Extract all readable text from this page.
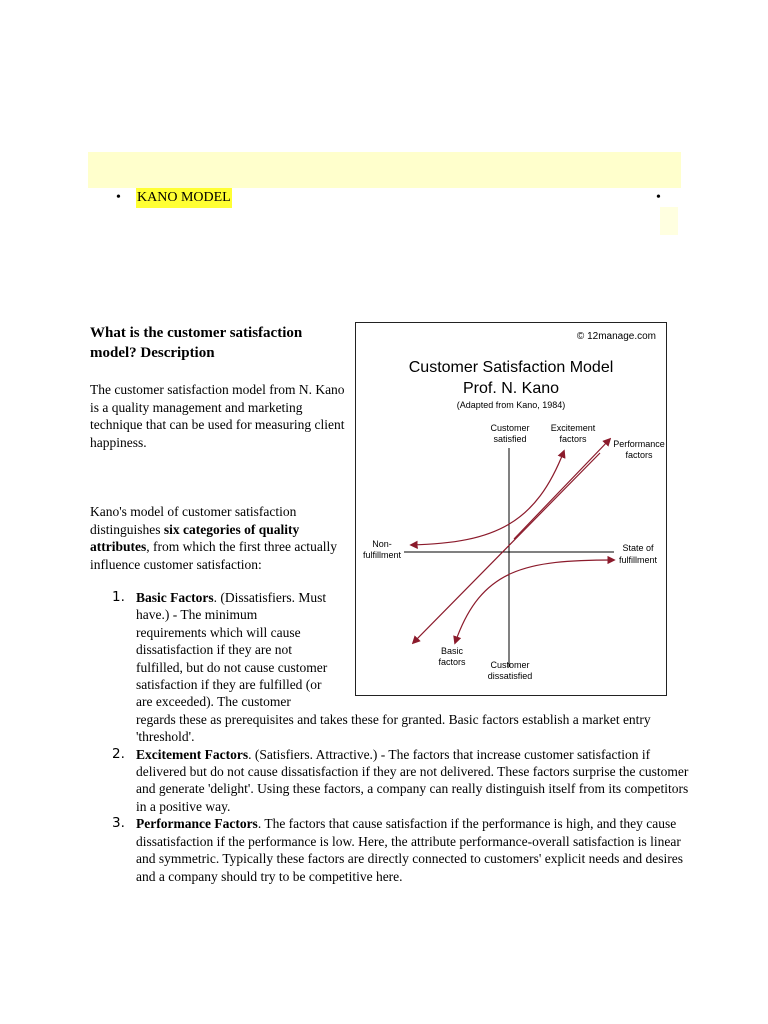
• KANO MODEL	•
What is the customer satisfaction model? Description

The customer satisfaction model from N. Kano is a quality management and marketing technique that can be used for measuring client happiness.

Kano's model of customer satisfaction distinguishes six categories of quality attributes, from which the first three actually influence customer satisfaction:

© 12manage.com
Customer Satisfaction Model
Prof. N. Kano
(Adapted from Kano, 1984)
Customer
satisfied
Excitement
factors	Performance
factors
Non-
fulfillment
State of
fulfillment
Basic
factors	Customer
dissatisfied
1. Basic Factors. (Dissatisfiers. Must have.) - The minimum requirements which will cause dissatisfaction if they are not fulfilled, but do not cause customer satisfaction if they are fulfilled (or are exceeded). The customer regards these as prerequisites and takes these for granted. Basic factors establish a market entry 'threshold'.
2. Excitement Factors. (Satisfiers. Attractive.) - The factors that increase customer satisfaction if delivered but do not cause dissatisfaction if they are not delivered. These factors surprise the customer and generate 'delight'. Using these factors, a company can really distinguish itself from its competitors in a positive way.
3. Performance Factors. The factors that cause satisfaction if the performance is high, and they cause dissatisfaction if the performance is low. Here, the attribute performance-overall satisfaction is linear and symmetric. Typically these factors are directly connected to customers' explicit needs and desires and a company should try to be competitive here.
